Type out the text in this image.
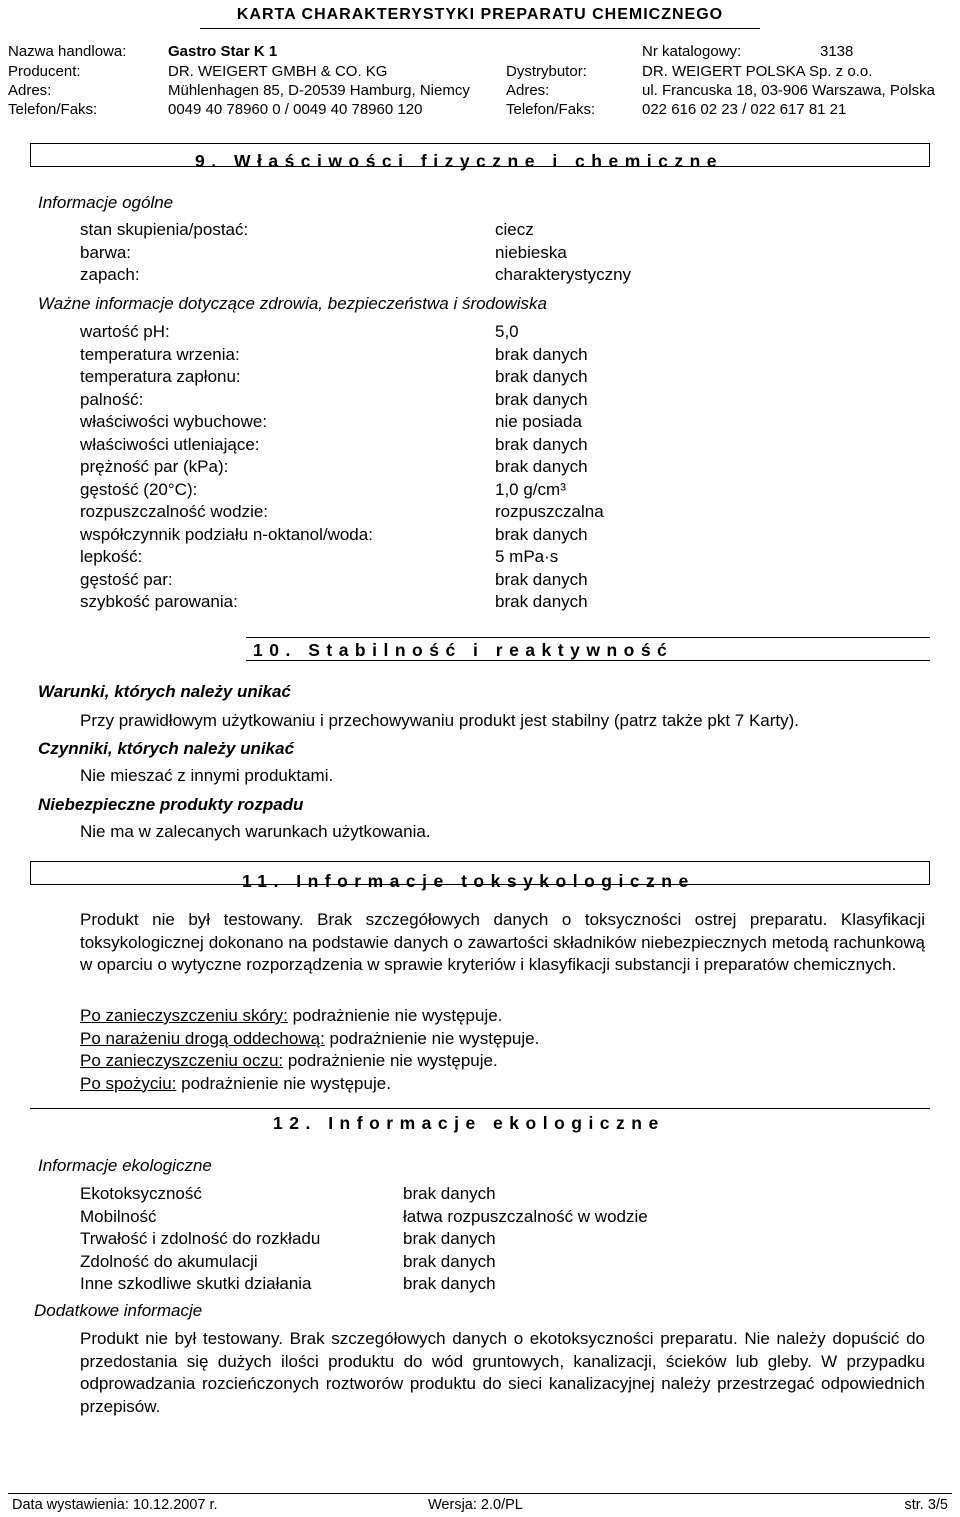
KARTA CHARAKTERYSTYKI PREPARATU CHEMICZNEGO
Nazwa handlowa:	Gastro Star K 1	Nr katalogowy:	3138
Producent:	DR. WEIGERT GMBH & CO. KG	Dystrybutor:	DR. WEIGERT POLSKA Sp. z o.o.
Adres:	Mühlenhagen 85, D-20539 Hamburg, Niemcy Adres:	ul. Francuska 18, 03-906 Warszawa, Polska
Telefon/Faks:	0049 40 78960 0 / 0049 40 78960 120	Telefon/Faks:	022 616 02 23 / 022 617 81 21
9. Właściwości fizyczne i chemiczne
Informacje ogólne
stan skupienia/postać:	ciecz
barwa:	niebieska
zapach:	charakterystyczny
Ważne informacje dotyczące zdrowia, bezpieczeństwa i środowiska
wartość pH:	5,0
temperatura wrzenia:	brak danych
temperatura zapłonu:	brak danych
palność:	brak danych
właściwości wybuchowe:	nie posiada
właściwości utleniające:	brak danych
prężność par (kPa):	brak danych
gęstość (20°C):	1,0 g/cm³
rozpuszczalność wodzie:	rozpuszczalna
współczynnik podziału n-oktanol/woda:	brak danych
lepkość:	5 mPa·s
gęstość par:	brak danych
szybkość parowania:	brak danych
10. Stabilność i reaktywność
Warunki, których należy unikać
Przy prawidłowym użytkowaniu i przechowywaniu produkt jest stabilny (patrz także pkt 7 Karty).
Czynniki, których należy unikać
Nie mieszać z innymi produktami.
Niebezpieczne produkty rozpadu
Nie ma w zalecanych warunkach użytkowania.
11. Informacje toksykologiczne
Produkt nie był testowany. Brak szczegółowych danych o toksyczności ostrej preparatu. Klasyfikacji toksykologicznej dokonano na podstawie danych o zawartości składników niebezpiecznych metodą rachunkową w oparciu o wytyczne rozporządzenia w sprawie kryteriów i klasyfikacji substancji i preparatów chemicznych.
Po zanieczyszczeniu skóry: podrażnienie nie występuje.
Po narażeniu drogą oddechową: podrażnienie nie występuje.
Po zanieczyszczeniu oczu: podrażnienie nie występuje.
Po spożyciu: podrażnienie nie występuje.
12. Informacje ekologiczne
Informacje ekologiczne
Ekotoksyczność	brak danych
Mobilność	łatwa rozpuszczalność w wodzie
Trwałość i zdolność do rozkładu	brak danych
Zdolność do akumulacji	brak danych
Inne szkodliwe skutki działania	brak danych
Dodatkowe informacje
Produkt nie był testowany. Brak szczegółowych danych o ekotoksyczności preparatu. Nie należy dopuścić do przedostania się dużych ilości produktu do wód gruntowych, kanalizacji, ścieków lub gleby. W przypadku odprowadzania rozcieńczonych roztworów produktu do sieci kanalizacyjnej należy przestrzegać odpowiednich przepisów.
Data wystawienia: 10.12.2007 r.	Wersja: 2.0/PL	str. 3/5
